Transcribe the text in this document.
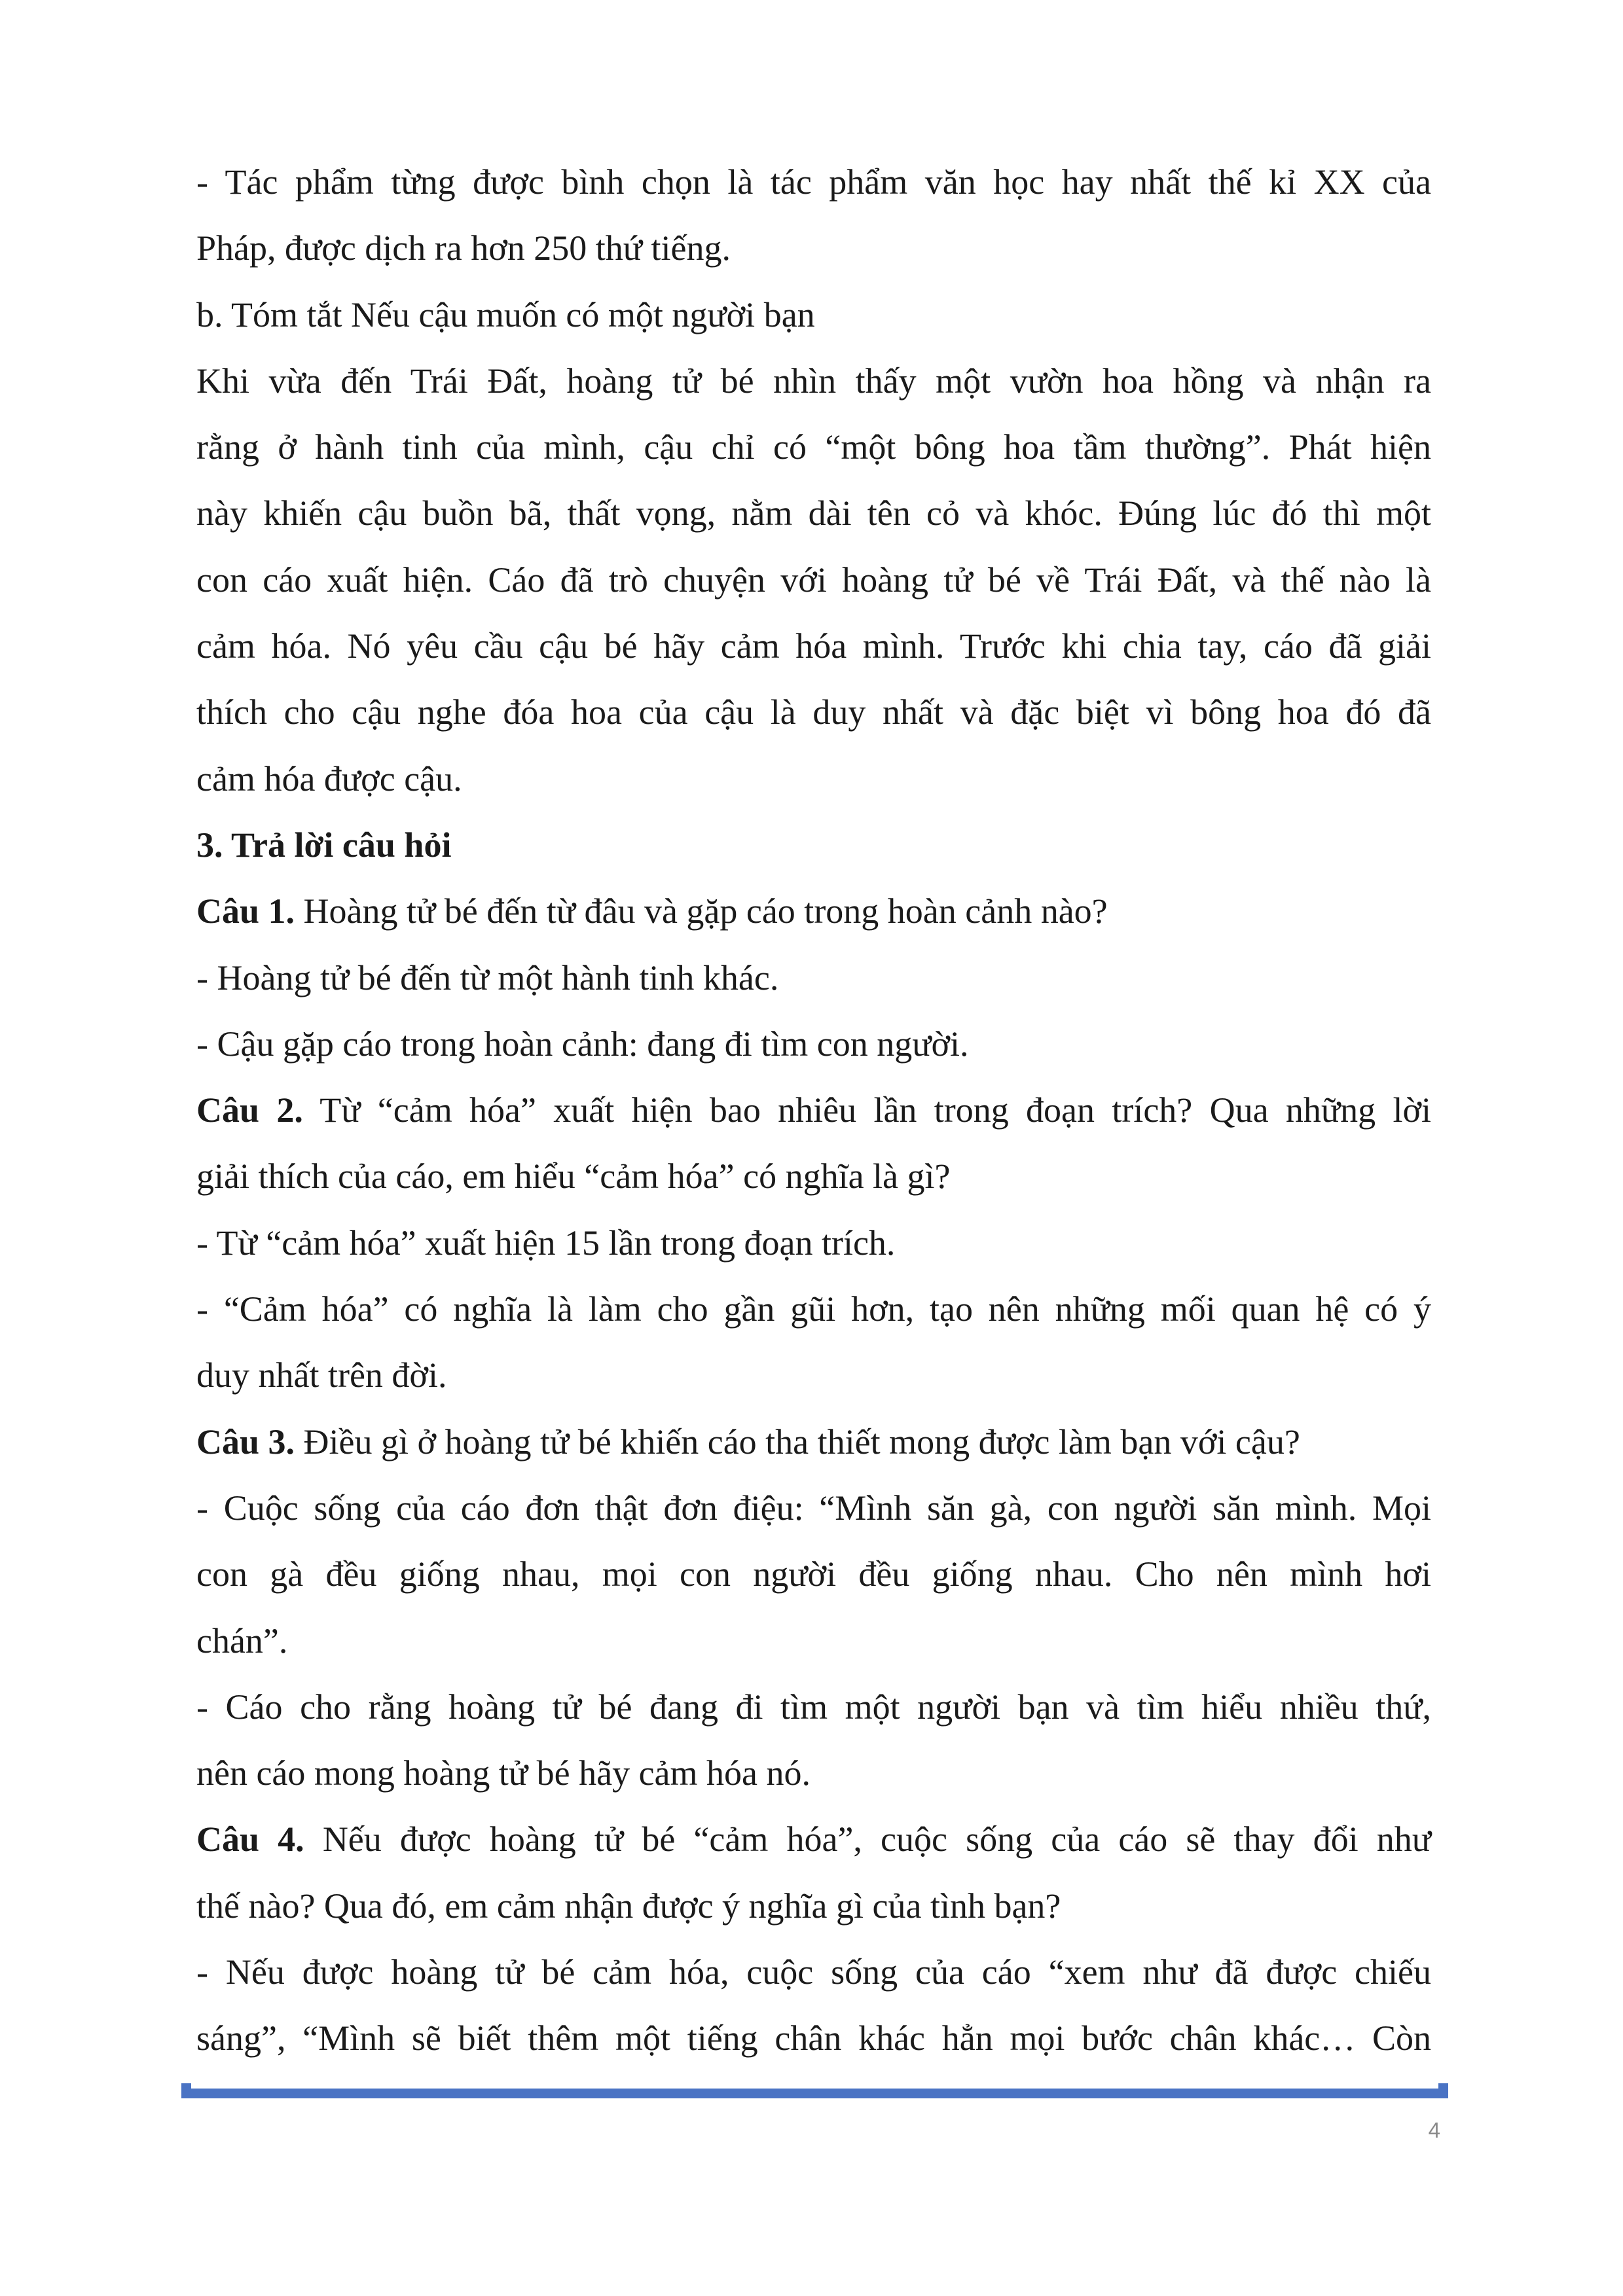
- Tác phẩm từng được bình chọn là tác phẩm văn học hay nhất thế kỉ XX của
Pháp, được dịch ra hơn 250 thứ tiếng.
b. Tóm tắt Nếu cậu muốn có một người bạn
Khi vừa đến Trái Đất, hoàng tử bé nhìn thấy một vườn hoa hồng và nhận ra
rằng ở hành tinh của mình, cậu chỉ có “một bông hoa tầm thường”. Phát hiện
này khiến cậu buồn bã, thất vọng, nằm dài tên cỏ và khóc. Đúng lúc đó thì một
con cáo xuất hiện. Cáo đã trò chuyện với hoàng tử bé về Trái Đất, và thế nào là
cảm hóa. Nó yêu cầu cậu bé hãy cảm hóa mình. Trước khi chia tay, cáo đã giải
thích cho cậu nghe đóa hoa của cậu là duy nhất và đặc biệt vì bông hoa đó đã
cảm hóa được cậu.
3. Trả lời câu hỏi
Câu 1. Hoàng tử bé đến từ đâu và gặp cáo trong hoàn cảnh nào?
- Hoàng tử bé đến từ một hành tinh khác.
- Cậu gặp cáo trong hoàn cảnh: đang đi tìm con người.
Câu 2. Từ “cảm hóa” xuất hiện bao nhiêu lần trong đoạn trích? Qua những lời
giải thích của cáo, em hiểu “cảm hóa” có nghĩa là gì?
- Từ “cảm hóa” xuất hiện 15 lần trong đoạn trích.
- “Cảm hóa” có nghĩa là làm cho gần gũi hơn, tạo nên những mối quan hệ có ý
duy nhất trên đời.
Câu 3. Điều gì ở hoàng tử bé khiến cáo tha thiết mong được làm bạn với cậu?
- Cuộc sống của cáo đơn thật đơn điệu: “Mình săn gà, con người săn mình. Mọi
con gà đều giống nhau, mọi con người đều giống nhau. Cho nên mình hơi
chán”.
- Cáo cho rằng hoàng tử bé đang đi tìm một người bạn và tìm hiểu nhiều thứ,
nên cáo mong hoàng tử bé hãy cảm hóa nó.
Câu 4. Nếu được hoàng tử bé “cảm hóa”, cuộc sống của cáo sẽ thay đổi như
thế nào? Qua đó, em cảm nhận được ý nghĩa gì của tình bạn?
- Nếu được hoàng tử bé cảm hóa, cuộc sống của cáo “xem như đã được chiếu
sáng”, “Mình sẽ biết thêm một tiếng chân khác hẳn mọi bước chân khác… Còn
4
